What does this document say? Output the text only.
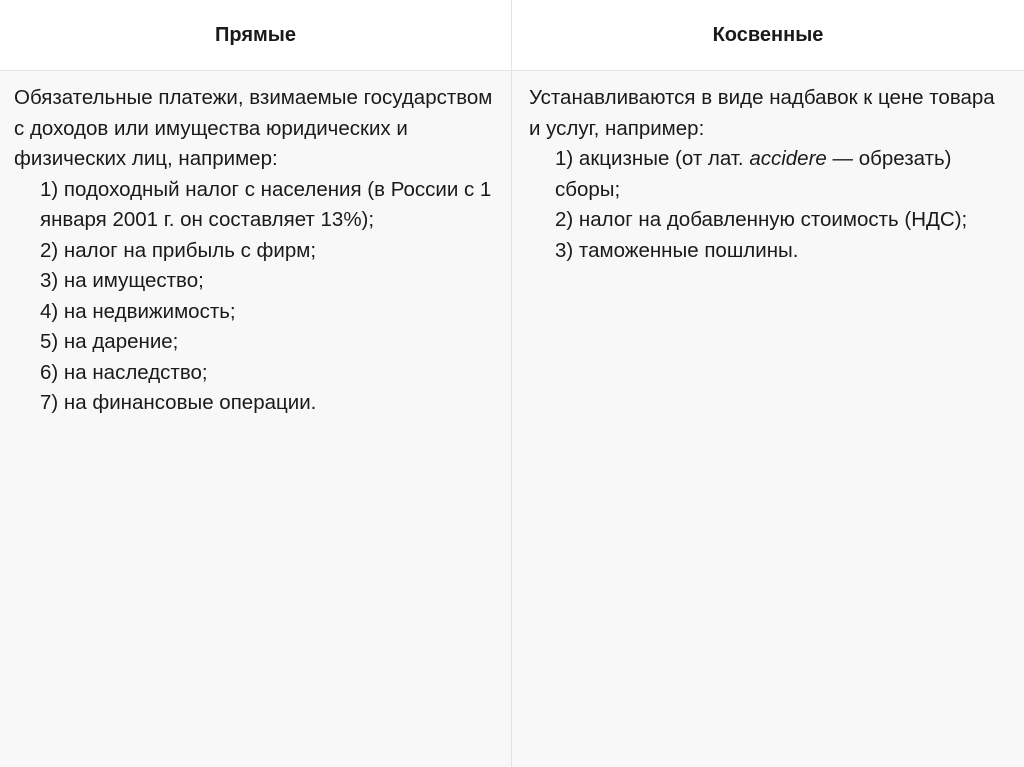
Прямые	Косвенные

Обязательные платежи, взимаемые государством с доходов или имущества юридических и физических лиц, например:

1) подоходный налог с населения (в России с 1 января 2001 г. он составляет 13%);
2) налог на прибыль с фирм;
3) на имущество;
4) на недвижимость;
5) на дарение;
6) на наследство;
7) на финансовые операции.

Устанавливаются в виде надбавок к цене товара и услуг, например:

1) акцизные (от лат. accidere — обрезать) сборы;
2) налог на добавленную стоимость (НДС);
3) таможенные пошлины.
